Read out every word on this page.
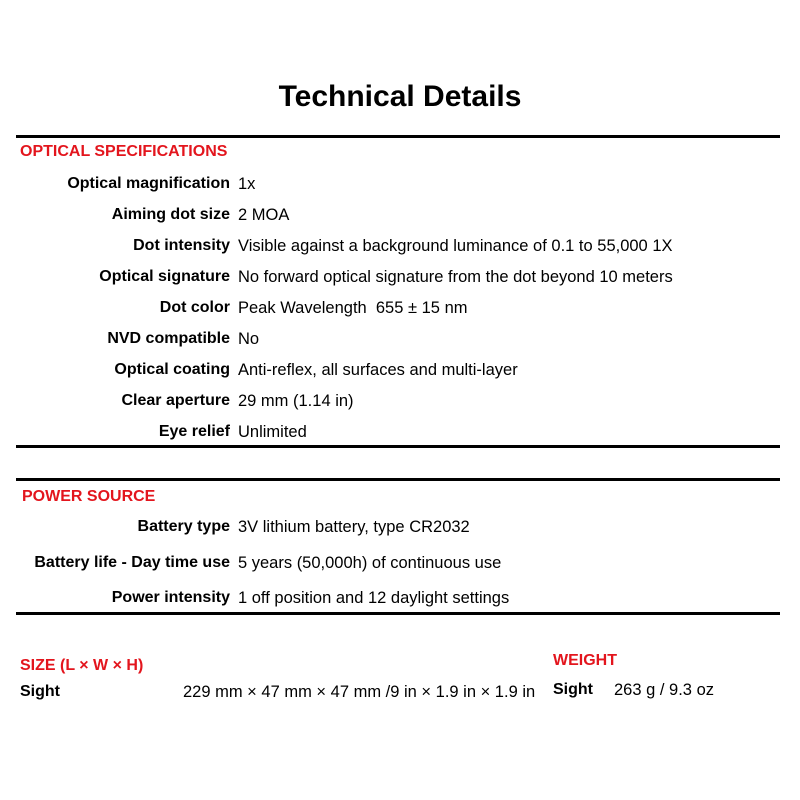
Technical Details
OPTICAL SPECIFICATIONS
Optical magnification 1x
Aiming dot size 2 MOA
Dot intensity Visible against a background luminance of 0.1 to 55,000 1X
Optical signature No forward optical signature from the dot beyond 10 meters
Dot color Peak Wavelength  655 ± 15 nm
NVD compatible No
Optical coating Anti-reflex, all surfaces and multi-layer
Clear aperture 29 mm (1.14 in)
Eye relief Unlimited
POWER SOURCE
Battery type 3V lithium battery, type CR2032
Battery life - Day time use 5 years (50,000h) of continuous use
Power intensity 1 off position and 12 daylight settings
SIZE (L × W × H)
Sight	229 mm × 47 mm × 47 mm /9 in × 1.9 in × 1.9 in
WEIGHT
Sight 263 g / 9.3 oz
